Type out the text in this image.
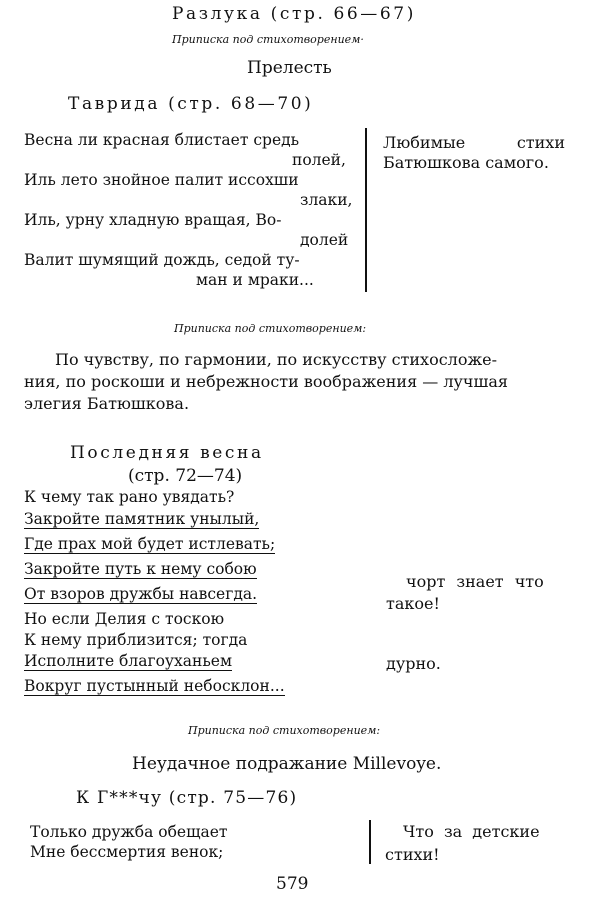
Разлука (стр. 66—67)
Приписка под стихотворением·
Прелесть
Таврида (стр. 68—70)
Весна ли красная блистает средь
полей,
Иль лето знойное палит иссохши
злаки,
Иль, урну хладную вращая, Во-
долей
Валит шумящий дождь, седой ту-
ман и мраки...
Любимые	стихи
Батюшкова самого.
Приписка под стихотворением:
По чувству, по гармонии, по искусству стихосложе-
ния, по роскоши и небрежности воображения — лучшая
элегия Батюшкова.
Последняя весна
(стр. 72—74)
К чему так рано увядать?
Закройте памятник унылый,
Где прах мой будет истлевать;
Закройте путь к нему собою
От взоров дружбы навсегда.
Но если Делия с тоскою
К нему приблизится; тогда
Исполните благоуханьем
Вокруг пустынный небосклон...
чорт знает что
такое!
дурно.
Приписка под стихотворением:
Неудачное подражание Millevoye.
К Г***чу (стр. 75—76)
Только дружба обещает
Мне бессмертия венок;
Что за детские
стихи!
579
